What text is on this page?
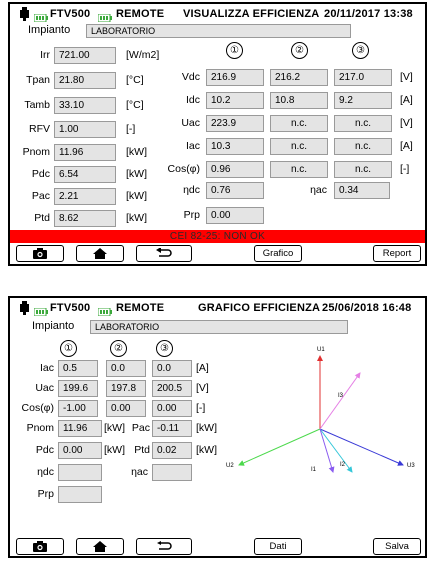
FTV500 REMOTE VISUALIZZA EFFICIENZA 20/11/2017 13:38
Impianto	LABORATORIO
Irr 721.00	[W/m2]
Tpan 21.80	[°C]
Tamb 33.10	[°C]
RFV 1.00	[-]
Pnom 11.96	[kW]
Pdc 6.54	[kW]
Pac 2.21	[kW]
Ptd 8.62	[kW]
①	②	③
Vdc	216.9	216.2	217.0	[V]
Idc	10.2	10.8	9.2	[A]
Uac	223.9	n.c.	n.c.	[V]
Iac	10.3	n.c.	n.c.	[A]
Cos(φ)	0.96	n.c.	n.c.	[-]
ηdc	0.76	ηac	0.34
Prp	0.00
CEI 82-25: NON OK
Grafico	Report
FTV500 REMOTE	GRAFICO EFFICIENZA 25/06/2018 16:48
Impianto	LABORATORIO
①	②	③
Iac 0.5	0.0	0.0	[A]
Uac 199.6	197.8	200.5	[V]
Cos(φ) -1.00	0.00	0.00	[-]
Pnom 11.96	[kW] Pac -0.11	[kW]
Pdc 0.00	[kW] Ptd 0.02	[kW]
ηdc	ηac
Prp
U1
U2	U3
I1
I2
I3
Dati	Salva
